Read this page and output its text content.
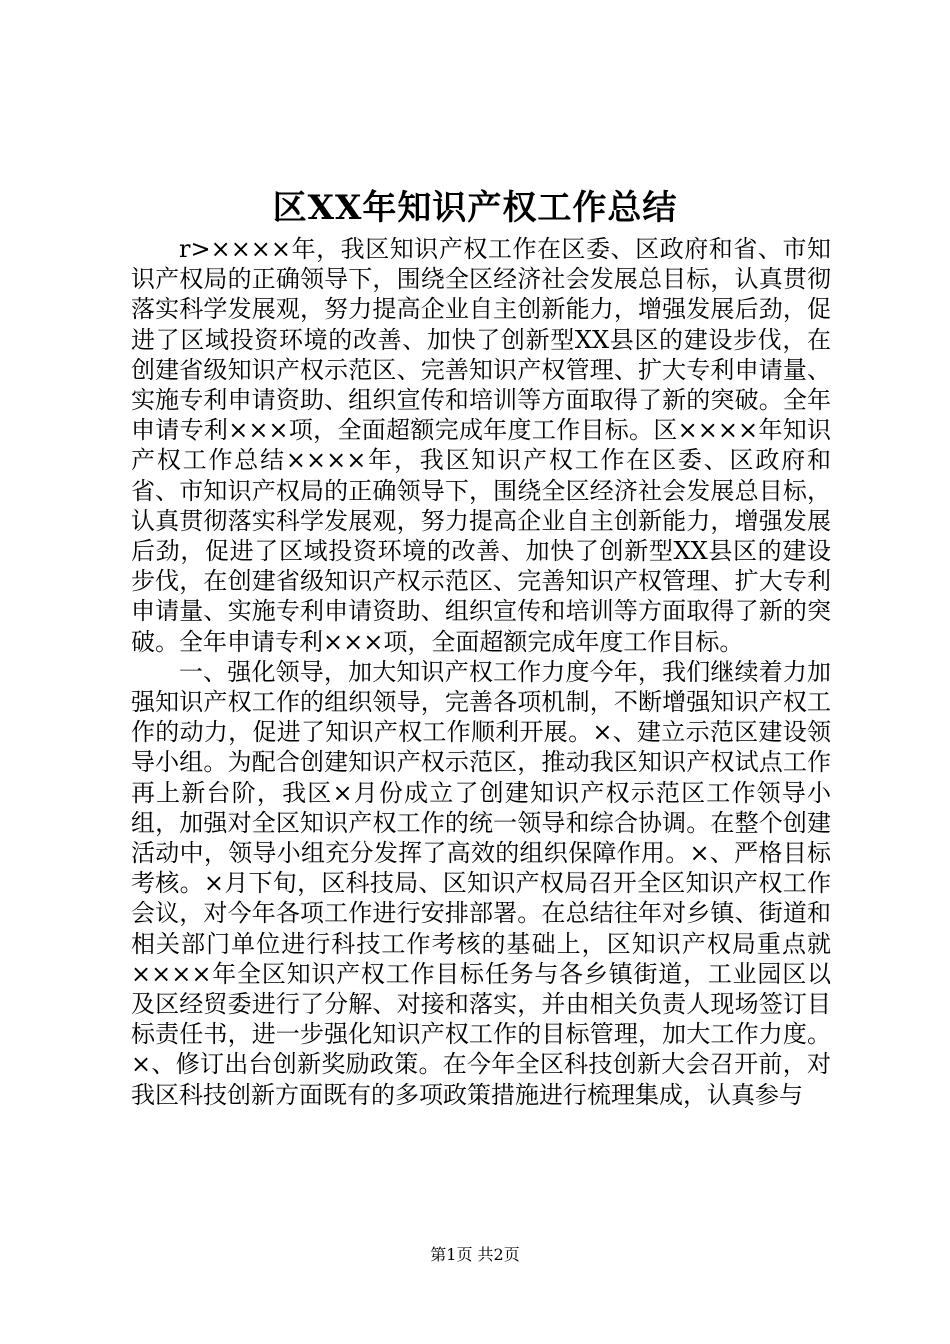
区XX年知识产权工作总结

r>××××年，我区知识产权工作在区委、区政府和省、市知识产权局的正确领导下，围绕全区经济社会发展总目标，认真贯彻落实科学发展观，努力提高企业自主创新能力，增强发展后劲，促进了区域投资环境的改善、加快了创新型XX县区的建设步伐，在创建省级知识产权示范区、完善知识产权管理、扩大专利申请量、实施专利申请资助、组织宣传和培训等方面取得了新的突破。全年申请专利×××项，全面超额完成年度工作目标。区××××年知识产权工作总结××××年，我区知识产权工作在区委、区政府和省、市知识产权局的正确领导下，围绕全区经济社会发展总目标，认真贯彻落实科学发展观，努力提高企业自主创新能力，增强发展后劲，促进了区域投资环境的改善、加快了创新型XX县区的建设步伐，在创建省级知识产权示范区、完善知识产权管理、扩大专利申请量、实施专利申请资助、组织宣传和培训等方面取得了新的突破。全年申请专利×××项，全面超额完成年度工作目标。

一、强化领导，加大知识产权工作力度今年，我们继续着力加强知识产权工作的组织领导，完善各项机制，不断增强知识产权工作的动力，促进了知识产权工作顺利开展。×、建立示范区建设领导小组。为配合创建知识产权示范区，推动我区知识产权试点工作再上新台阶，我区×月份成立了创建知识产权示范区工作领导小组，加强对全区知识产权工作的统一领导和综合协调。在整个创建活动中，领导小组充分发挥了高效的组织保障作用。×、严格目标考核。×月下旬，区科技局、区知识产权局召开全区知识产权工作会议，对今年各项工作进行安排部署。在总结往年对乡镇、街道和相关部门单位进行科技工作考核的基础上，区知识产权局重点就××××年全区知识产权工作目标任务与各乡镇街道，工业园区以及区经贸委进行了分解、对接和落实，并由相关负责人现场签订目标责任书，进一步强化知识产权工作的目标管理，加大工作力度。×、修订出台创新奖励政策。在今年全区科技创新大会召开前，对我区科技创新方面既有的多项政策措施进行梳理集成，认真参与

第1页 共2页
